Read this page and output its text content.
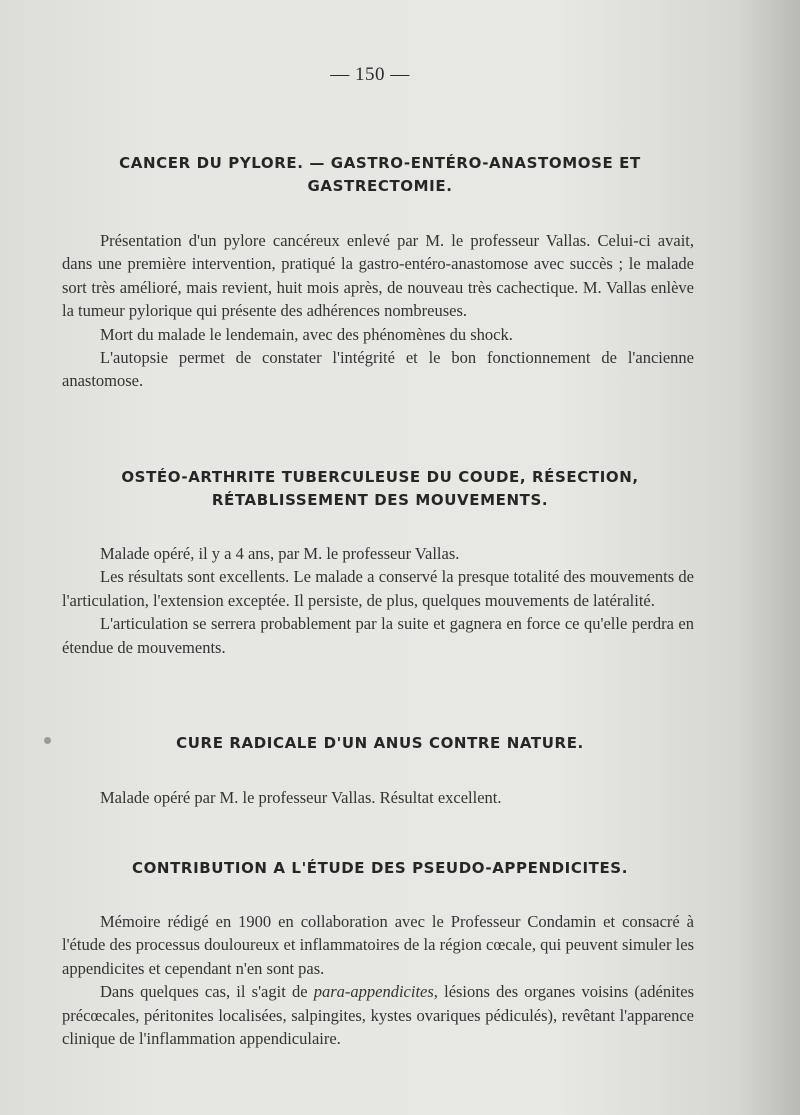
— 150 —
CANCER DU PYLORE. — GASTRO-ENTÉRO-ANASTOMOSE ET
GASTRECTOMIE.

Présentation d'un pylore cancéreux enlevé par M. le professeur Vallas. Celui-ci avait, dans une première intervention, pratiqué la gastro-entéro-anastomose avec succès ; le malade sort très amélioré, mais revient, huit mois après, de nouveau très cachectique. M. Vallas enlève la tumeur pylorique qui présente des adhérences nombreuses.

Mort du malade le lendemain, avec des phénomènes du shock.

L'autopsie permet de constater l'intégrité et le bon fonctionnement de l'ancienne anastomose.

OSTÉO-ARTHRITE TUBERCULEUSE DU COUDE, RÉSECTION,
RÉTABLISSEMENT DES MOUVEMENTS.

Malade opéré, il y a 4 ans, par M. le professeur Vallas.

Les résultats sont excellents. Le malade a conservé la presque totalité des mouvements de l'articulation, l'extension exceptée. Il persiste, de plus, quelques mouvements de latéralité.

L'articulation se serrera probablement par la suite et gagnera en force ce qu'elle perdra en étendue de mouvements.

CURE RADICALE D'UN ANUS CONTRE NATURE.

Malade opéré par M. le professeur Vallas. Résultat excellent.

CONTRIBUTION A L'ÉTUDE DES PSEUDO-APPENDICITES.

Mémoire rédigé en 1900 en collaboration avec le Professeur Condamin et consacré à l'étude des processus douloureux et inflammatoires de la région cœcale, qui peuvent simuler les appendicites et cependant n'en sont pas.

Dans quelques cas, il s'agit de para-appendicites, lésions des organes voisins (adénites précœcales, péritonites localisées, salpingites, kystes ovariques pédiculés), revêtant l'apparence clinique de l'inflammation appendiculaire.
